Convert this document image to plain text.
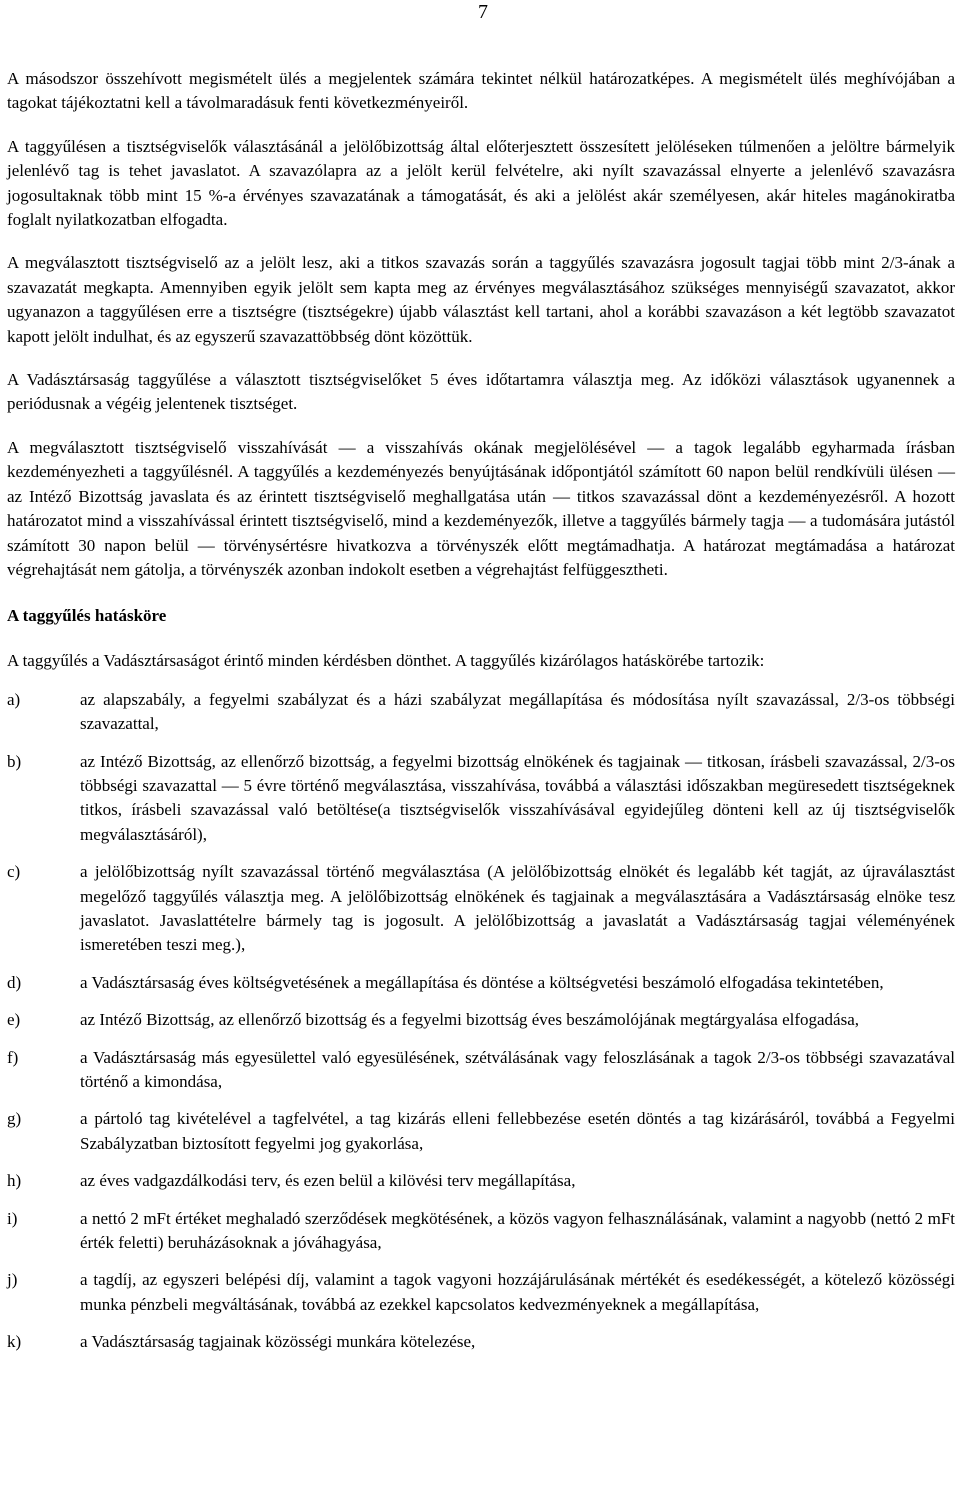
7

A másodszor összehívott megismételt ülés a megjelentek számára tekintet nélkül határozatképes. A megismételt ülés meghívójában a tagokat tájékoztatni kell a távolmaradásuk fenti következményeiről.

A taggyűlésen a tisztségviselők választásánál a jelölőbizottság által előterjesztett összesített jelöléseken túlmenően a jelöltre bármelyik jelenlévő tag is tehet javaslatot. A szavazólapra az a jelölt kerül felvételre, aki nyílt szavazással elnyerte a jelenlévő szavazásra jogosultaknak több mint 15 %-a érvényes szavazatának a támogatását, és aki a jelölést akár személyesen, akár hiteles magánokiratba foglalt nyilatkozatban elfogadta.

A megválasztott tisztségviselő az a jelölt lesz, aki a titkos szavazás során a taggyűlés szavazásra jogosult tagjai több mint 2/3-ának a szavazatát megkapta. Amennyiben egyik jelölt sem kapta meg az érvényes megválasztásához szükséges mennyiségű szavazatot, akkor ugyanazon a taggyűlésen erre a tisztségre (tisztségekre) újabb választást kell tartani, ahol a korábbi szavazáson a két legtöbb szavazatot kapott jelölt indulhat, és az egyszerű szavazattöbbség dönt közöttük.

A Vadásztársaság taggyűlése a választott tisztségviselőket 5 éves időtartamra választja meg. Az időközi választások ugyanennek a periódusnak a végéig jelentenek tisztséget.

A megválasztott tisztségviselő visszahívását — a visszahívás okának megjelölésével — a tagok legalább egyharmada írásban kezdeményezheti a taggyűlésnél. A taggyűlés a kezdeményezés benyújtásának időpontjától számított 60 napon belül rendkívüli ülésen — az Intéző Bizottság javaslata és az érintett tisztségviselő meghallgatása után — titkos szavazással dönt a kezdeményezésről. A hozott határozatot mind a visszahívással érintett tisztségviselő, mind a kezdeményezők, illetve a taggyűlés bármely tagja — a tudomására jutástól számított 30 napon belül — törvénysértésre hivatkozva a törvényszék előtt megtámadhatja. A határozat megtámadása a határozat végrehajtását nem gátolja, a törvényszék azonban indokolt esetben a végrehajtást felfüggesztheti.

A taggyűlés hatásköre

A taggyűlés a Vadásztársaságot érintő minden kérdésben dönthet. A taggyűlés kizárólagos hatáskörébe tartozik:

a)	az alapszabály, a fegyelmi szabályzat és a házi szabályzat megállapítása és módosítása nyílt szavazással, 2/3-os többségi szavazattal,
b)	az Intéző Bizottság, az ellenőrző bizottság, a fegyelmi bizottság elnökének és tagjainak — titkosan, írásbeli szavazással, 2/3-os többségi szavazattal — 5 évre történő megválasztása, visszahívása, továbbá a választási időszakban megüresedett tisztségeknek titkos, írásbeli szavazással való betöltése(a tisztségviselők visszahívásával egyidejűleg dönteni kell az új tisztségviselők megválasztásáról),
c)	a jelölőbizottság nyílt szavazással történő megválasztása (A jelölőbizottság elnökét és legalább két tagját, az újraválasztást megelőző taggyűlés választja meg. A jelölőbizottság elnökének és tagjainak a megválasztására a Vadásztársaság elnöke tesz javaslatot. Javaslattételre bármely tag is jogosult. A jelölőbizottság a javaslatát a Vadásztársaság tagjai véleményének ismeretében teszi meg.),
d)	a Vadásztársaság éves költségvetésének a megállapítása és döntése a költségvetési beszámoló elfogadása tekintetében,
e)	az Intéző Bizottság, az ellenőrző bizottság és a fegyelmi bizottság éves beszámolójának megtárgyalása elfogadása,
f)	a Vadásztársaság más egyesülettel való egyesülésének, szétválásának vagy feloszlásának a tagok 2/3-os többségi szavazatával történő a kimondása,
g)	a pártoló tag kivételével a tagfelvétel, a tag kizárás elleni fellebbezése esetén döntés a tag kizárásáról, továbbá a Fegyelmi Szabályzatban biztosított fegyelmi jog gyakorlása,
h)	az éves vadgazdálkodási terv, és ezen belül a kilövési terv megállapítása,
i)	a nettó 2 mFt értéket meghaladó szerződések megkötésének, a közös vagyon felhasználásának, valamint a nagyobb (nettó 2 mFt érték feletti) beruházásoknak a jóváhagyása,
j)	a tagdíj, az egyszeri belépési díj, valamint a tagok vagyoni hozzájárulásának mértékét és esedékességét, a kötelező közösségi munka pénzbeli megváltásának, továbbá az ezekkel kapcsolatos kedvezményeknek a megállapítása,
k)	a Vadásztársaság tagjainak közösségi munkára kötelezése,
